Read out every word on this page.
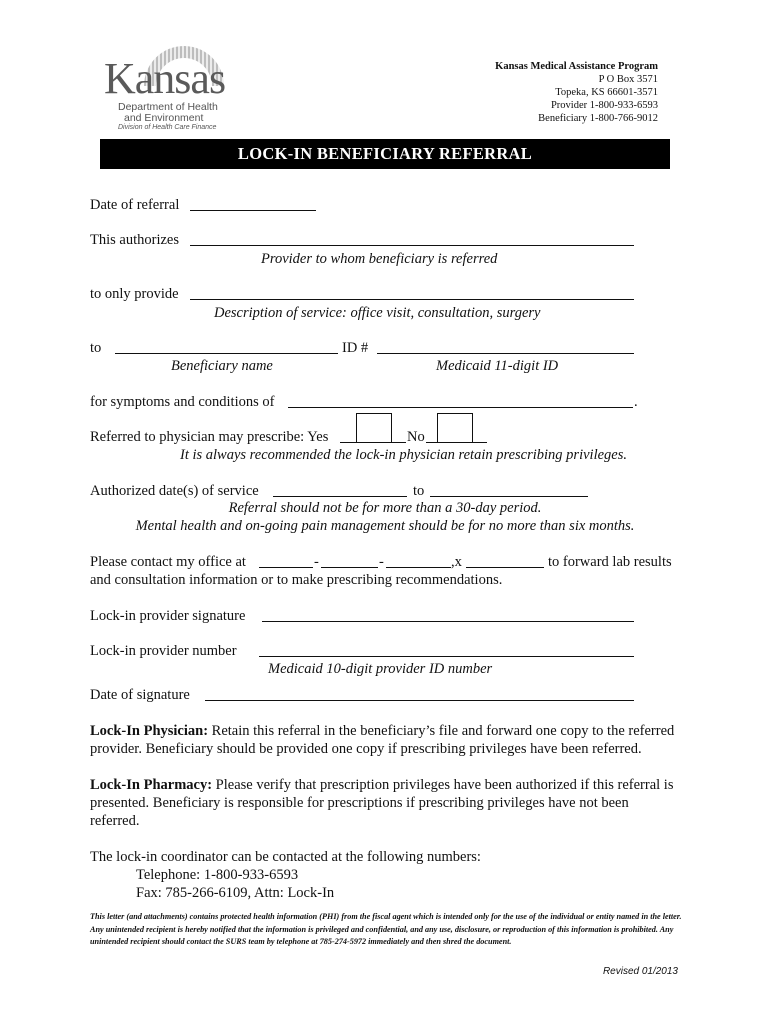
Kansas
Department of Health
and Environment
Division of Health Care Finance
Kansas Medical Assistance Program
P O Box 3571
Topeka, KS 66601-3571
Provider 1-800-933-6593
Beneficiary 1-800-766-9012
LOCK-IN BENEFICIARY REFERRAL
Date of referral
This authorizes
Provider to whom beneficiary is referred
to only provide
Description of service: office visit, consultation, surgery
to	ID #
Beneficiary name	Medicaid 11-digit ID
for symptoms and conditions of	.
Referred to physician may prescribe: Yes	No
It is always recommended the lock-in physician retain prescribing privileges.
Authorized date(s) of service	to
Referral should not be for more than a 30-day period.
Mental health and on-going pain management should be for no more than six months.
Please contact my office at	-	-	,x	to forward lab results
and consultation information or to make prescribing recommendations.
Lock-in provider signature
Lock-in provider number
Medicaid 10-digit provider ID number
Date of signature
Lock-In Physician: Retain this referral in the beneficiary’s file and forward one copy to the referred provider. Beneficiary should be provided one copy if prescribing privileges have been referred.
Lock-In Pharmacy: Please verify that prescription privileges have been authorized if this referral is presented. Beneficiary is responsible for prescriptions if prescribing privileges have not been referred.
The lock-in coordinator can be contacted at the following numbers:
Telephone: 1-800-933-6593
Fax: 785-266-6109, Attn: Lock-In
This letter (and attachments) contains protected health information (PHI) from the fiscal agent which is intended only for the use of the individual or entity named in the letter. Any unintended recipient is hereby notified that the information is privileged and confidential, and any use, disclosure, or reproduction of this information is prohibited. Any unintended recipient should contact the SURS team by telephone at 785-274-5972 immediately and then shred the document.
Revised 01/2013
